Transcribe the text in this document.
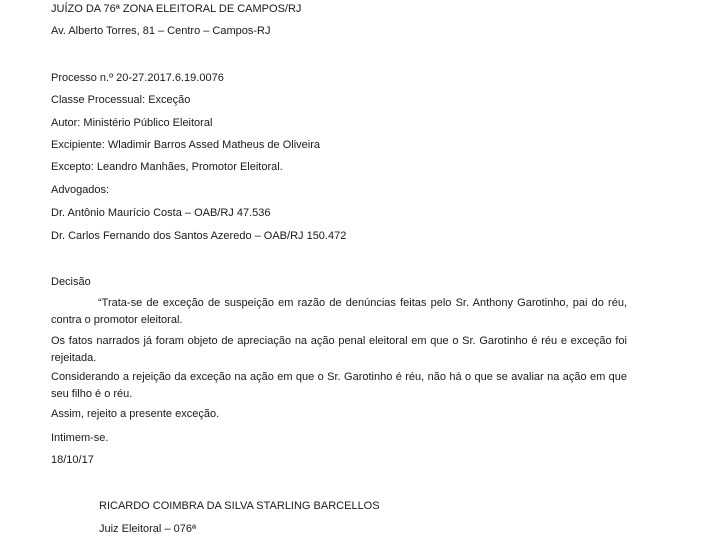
JUÍZO DA 76ª ZONA ELEITORAL DE CAMPOS/RJ
Av. Alberto Torres, 81 – Centro – Campos-RJ
Processo n.º 20-27.2017.6.19.0076
Classe Processual: Exceção
Autor: Ministério Público Eleitoral
Excipiente: Wladimir Barros Assed Matheus de Oliveira
Excepto: Leandro Manhães, Promotor Eleitoral.
Advogados:
Dr. Antônio Maurício Costa – OAB/RJ 47.536
Dr. Carlos Fernando dos Santos Azeredo – OAB/RJ 150.472
Decisão
“Trata-se de exceção de suspeição em razão de denúncias feitas pelo Sr. Anthony Garotinho, pai do réu, contra o promotor eleitoral.
Os fatos narrados já foram objeto de apreciação na ação penal eleitoral em que o Sr. Garotinho é réu e exceção foi rejeitada.
Considerando a rejeição da exceção na ação em que o Sr. Garotinho é réu, não há o que se avaliar na ação em que seu filho é o réu.
Assim, rejeito a presente exceção.
Intimem-se.
18/10/17
RICARDO COIMBRA DA SILVA STARLING BARCELLOS
Juiz Eleitoral – 076ª
